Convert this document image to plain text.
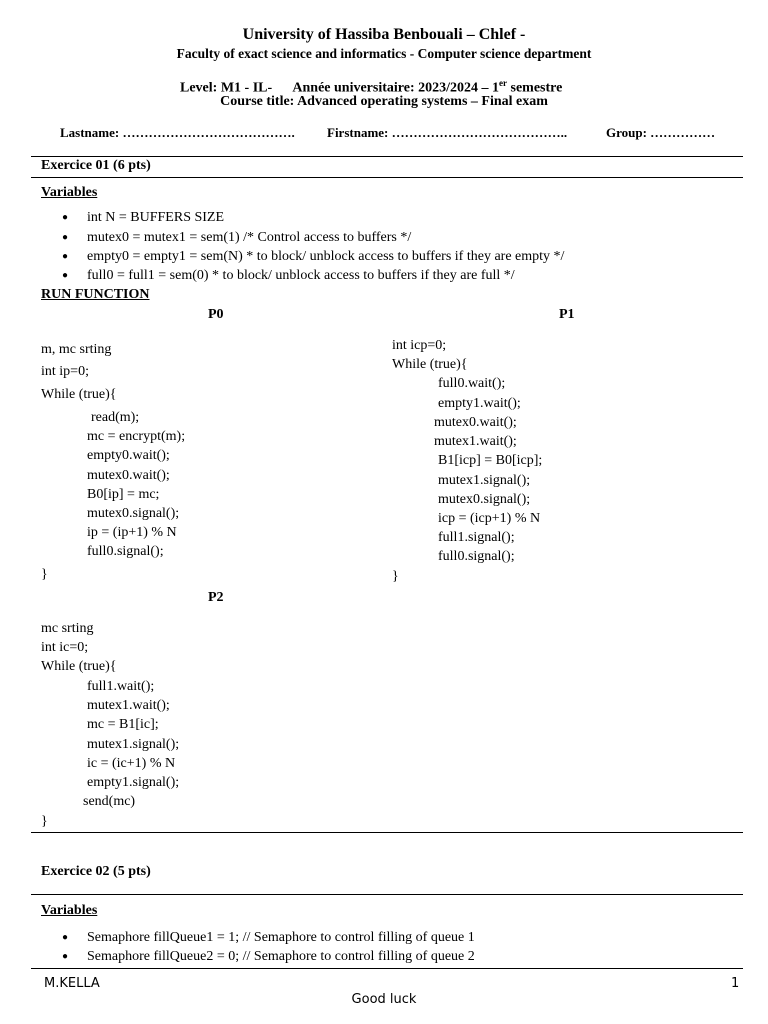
University of Hassiba Benbouali – Chlef -
Faculty of exact science and informatics - Computer science department
Level: M1 - IL- Année universitaire: 2023/2024 – 1er semestre
Course title: Advanced operating systems – Final exam
Lastname: …………………………………. Firstname: …………………………………..	Group: ……………
Exercice 01 (6 pts)
Variables
● int N = BUFFERS SIZE
● mutex0 = mutex1 = sem(1) /* Control access to buffers */
● empty0 = empty1 = sem(N) * to block/ unblock access to buffers if they are empty */
● full0 = full1 = sem(0) * to block/ unblock access to buffers if they are full */
RUN FUNCTION
P0
m, mc srting
int ip=0;
While (true){
read(m);
mc = encrypt(m);
empty0.wait();
mutex0.wait();
B0[ip] = mc;
mutex0.signal();
ip = (ip+1) % N
full0.signal();
}
P1
int icp=0;
While (true){
full0.wait();
empty1.wait();
mutex0.wait();
mutex1.wait();
B1[icp] = B0[icp];
mutex1.signal();
mutex0.signal();
icp = (icp+1) % N
full1.signal();
full0.signal();
}
P2
mc srting
int ic=0;
While (true){
full1.wait();
mutex1.wait();
mc = B1[ic];
mutex1.signal();
ic = (ic+1) % N
empty1.signal();
send(mc)
}
Exercice 02 (5 pts)
Variables
● Semaphore fillQueue1 = 1; // Semaphore to control filling of queue 1
● Semaphore fillQueue2 = 0; // Semaphore to control filling of queue 2
M.KELLA	1
Good luck
